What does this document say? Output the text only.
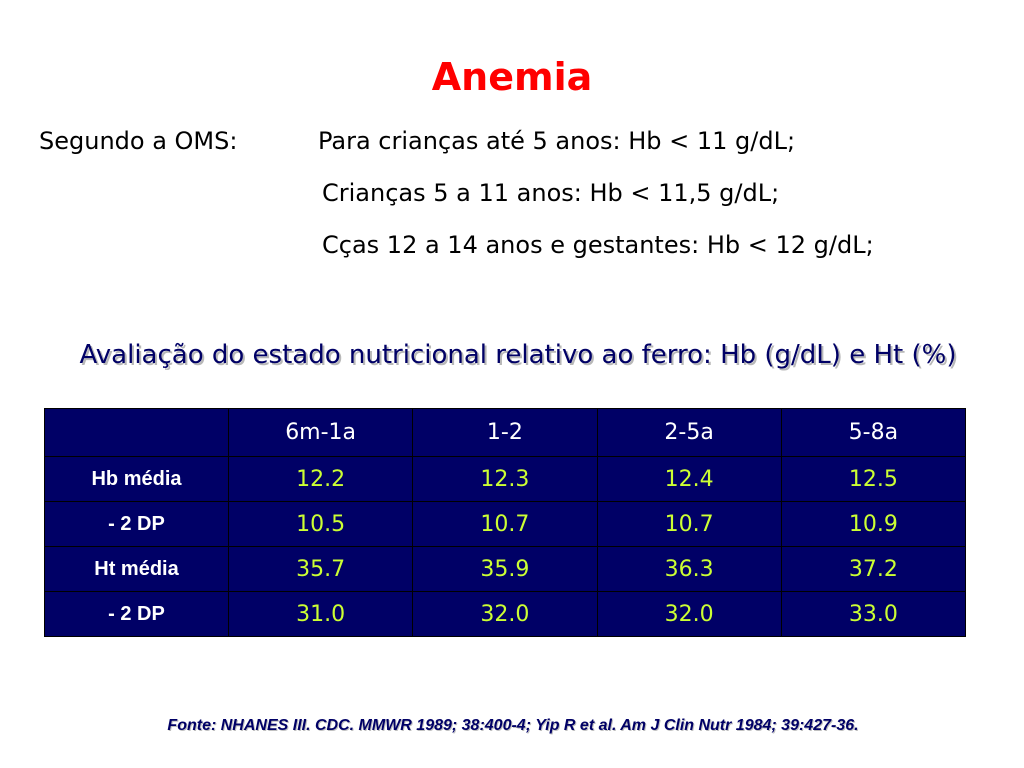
Anemia
Segundo a OMS:	Para crianças até 5 anos: Hb < 11 g/dL;
Crianças 5 a 11 anos: Hb < 11,5 g/dL;
Cças 12 a 14 anos e gestantes: Hb < 12 g/dL;
Avaliação do estado nutricional relativo ao ferro: Hb (g/dL) e Ht (%)
	6m-1a	1-2	2-5a	5-8a
Hb média	12.2	12.3	12.4	12.5
- 2 DP	10.5	10.7	10.7	10.9
Ht média	35.7	35.9	36.3	37.2
- 2 DP	31.0	32.0	32.0	33.0
Fonte: NHANES III. CDC. MMWR 1989; 38:400-4; Yip R et al. Am J Clin Nutr 1984; 39:427-36.
